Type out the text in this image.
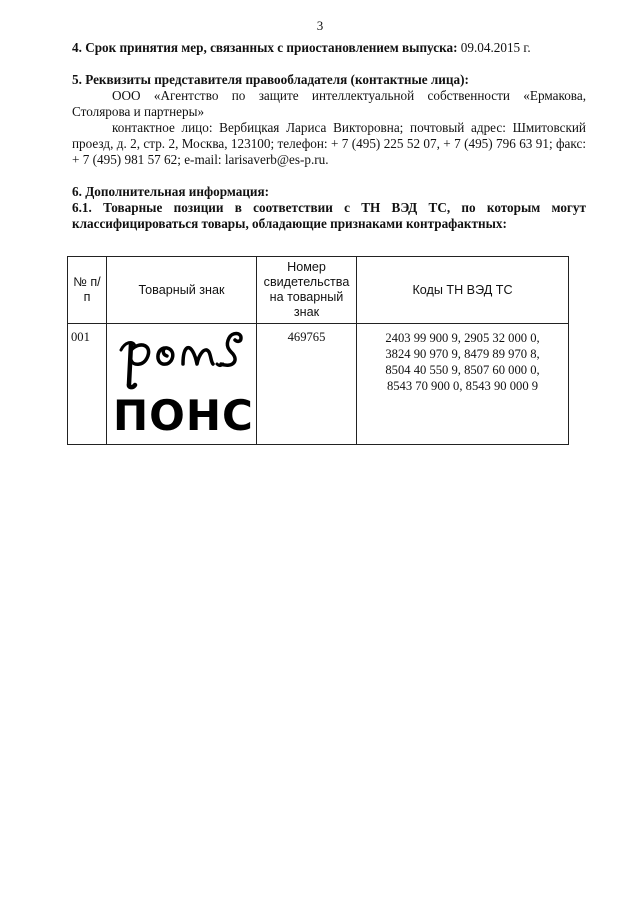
3

4. Срок принятия мер, связанных с приостановлением выпуска: 09.04.2015 г.

5. Реквизиты представителя правообладателя (контактные лица):

ООО «Агентство по защите интеллектуальной собственности «Ермакова, Столярова и партнеры»

контактное лицо: Вербицкая Лариса Викторовна; почтовый адрес: Шмитовский проезд, д. 2, стр. 2, Москва, 123100; телефон: + 7 (495) 225 52 07, + 7 (495) 796 63 91; факс: + 7 (495) 981 57 62; e-mail: larisaverb@es-p.ru.

6. Дополнительная информация:

6.1. Товарные позиции в соответствии с ТН ВЭД ТС, по которым могут
классифицироваться товары, обладающие признаками контрафактных:

№ п/п	Товарный знак	Номер свидетельства на товарный знак	Коды ТН ВЭД ТС
001	ПОНС	469765	2403 99 900 9, 2905 32 000 0,
3824 90 970 9, 8479 89 970 8,
8504 40 550 9, 8507 60 000 0,
8543 70 900 0, 8543 90 000 9
